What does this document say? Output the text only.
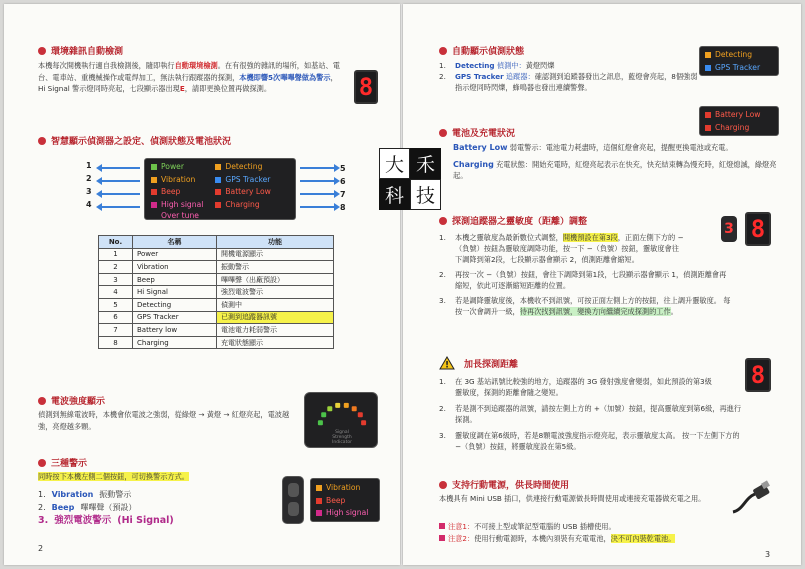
環境雜訊自動檢測
本機每次開機執行適自我檢測後，隨即執行自動環境檢測。在有很強的雜訊的場所，如基站、電台、電車站、重機械操作或電焊加工，無法執行跟蹤器的探測，本機即響5次嗶嗶聲做為警示，Hi Signal 警示燈同時亮起，七段顯示器出現E，請即更換位置再做探測。	8
智慧顯示偵測器之設定、偵測狀態及電池狀況
1
2
3
4
Power
Vibration
Beep
High signal
Over tune
Detecting
GPS Tracker
Battery Low
Charging
5
6
7
8
No.	名稱	功能
1	Power	開機電源顯示
2	Vibration	振動警示
3	Beep	嗶嗶聲（出廠預設）
4	Hi Signal	強烈電波警示
5	Detecting	偵測中
6	GPS Tracker	已測到追蹤器訊號
7	Battery low	電池電力耗弱警示
8	Charging	充電狀態顯示
電波強度顯示
偵測到無線電波時，本機會依電波之強弱，從綠燈 → 黃燈 → 紅燈亮起，電波越強，亮燈越多顆。
Signal
Strength
Indicator
三種警示
同時按下本機左側二個按鈕，可切換警示方式。
1. Vibration 振動警示
2. Beep 嗶嗶聲（預設）
3. 強烈電波警示 (Hi Signal)
Vibration
Beep
High signal
2
自動顯示偵測狀態
1.	Detecting 偵測中：黃燈閃爍
2.	GPS Tracker 追蹤器：確認測到追蹤器發出之訊息，藍燈會亮起，8個強弱指示燈同時閃爍，蜂鳴器也發出連續警聲。
Detecting
GPS Tracker
電池及充電狀況
Battery Low
Charging
Battery Low 弱電警示：電池電力耗盡時，這個紅燈會亮起，提醒更換電池或充電。
Charging 充電狀態：開始充電時，紅燈亮起表示在快充，快充結束轉為慢充時，紅燈熄滅，綠燈亮起。
探測追蹤器之靈敏度（距離）調整
1.	本機之靈敏度為最新數位式調整，開機預設在第3段，正面左側下方的 −（負號）按鈕為靈敏度調降功能，按一下 −（負號）按鈕，靈敏度會往下調降到第2段，七段顯示器會顯示 2，偵測距離會縮短。
2.	再按一次 −（負號）按鈕，會往下調降到第1段，七段顯示器會顯示 1，偵測距離會再縮短，依此可逐漸縮短距離的位置。
3.	若是調降靈敏度後，本機收不到訊號，可按正面左側上方的按鈕，往上調升靈敏度。 每按一次會調升一級，待再次找到訊號，變換方向繼續完成探測的工作。
3 8
! 加長探測距離
1.	在 3G 基站訊號比較強的地方，追蹤器的 3G 發射強度會變弱，如此預設的第3級靈敏度，探測的距離會隨之變短。
2.	若是測不到追蹤器的訊號，請按左側上方的 +（加號）按鈕，提高靈敏度到第6級，再進行探測。
3.	靈敏度調在第6級時，若是8顆電波強度指示燈亮起，表示靈敏度太高。 按一下左側下方的 −（負號）按鈕，將靈敏度設在第5級。
8
支持行動電源，供長時間使用
本機具有 Mini USB 插口，供連接行動電源做長時間使用或連接充電器做充電之用。
注意1：不可接上型或筆記型電腦的 USB 插槽使用。
注意2：使用行動電源時，本機內須裝有充電電池，決不可內裝乾電池。
3
大 禾
科 技
